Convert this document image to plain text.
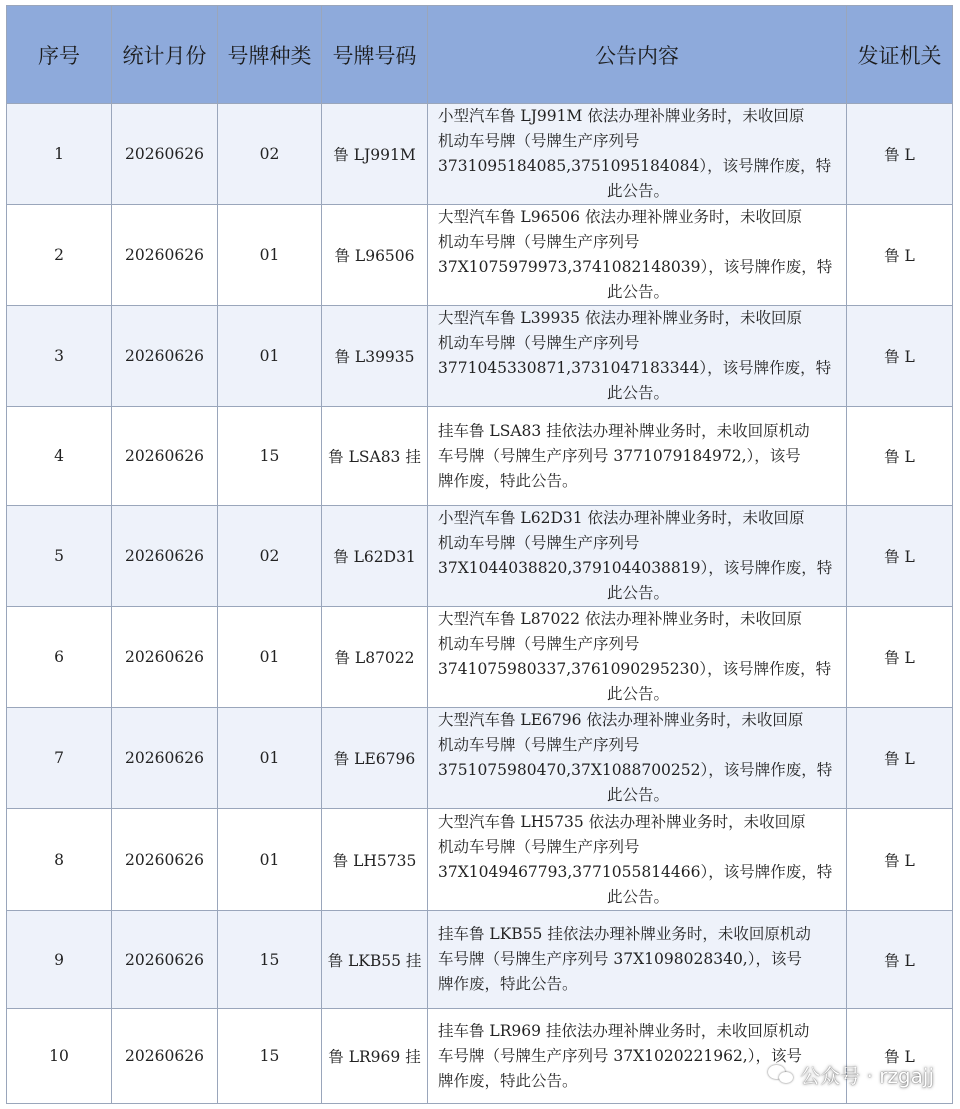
序号	统计月份	号牌种类	号牌号码	公告内容	发证机关
1	20260626	02	鲁 LJ991M	小型汽车鲁 LJ991M 依法办理补牌业务时，未收回原
机动车号牌（号牌生产序列号
3731095184085,3751095184084），该号牌作废，特
此公告。	鲁 L
2	20260626	01	鲁 L96506	大型汽车鲁 L96506 依法办理补牌业务时，未收回原
机动车号牌（号牌生产序列号
37X1075979973,3741082148039），该号牌作废，特
此公告。	鲁 L
3	20260626	01	鲁 L39935	大型汽车鲁 L39935 依法办理补牌业务时，未收回原
机动车号牌（号牌生产序列号
3771045330871,3731047183344），该号牌作废，特
此公告。	鲁 L
4	20260626	15	鲁 LSA83 挂	挂车鲁 LSA83 挂依法办理补牌业务时，未收回原机动
车号牌（号牌生产序列号 3771079184972,），该号
牌作废，特此公告。	鲁 L
5	20260626	02	鲁 L62D31	小型汽车鲁 L62D31 依法办理补牌业务时，未收回原
机动车号牌（号牌生产序列号
37X1044038820,3791044038819），该号牌作废，特
此公告。	鲁 L
6	20260626	01	鲁 L87022	大型汽车鲁 L87022 依法办理补牌业务时，未收回原
机动车号牌（号牌生产序列号
3741075980337,3761090295230），该号牌作废，特
此公告。	鲁 L
7	20260626	01	鲁 LE6796	大型汽车鲁 LE6796 依法办理补牌业务时，未收回原
机动车号牌（号牌生产序列号
3751075980470,37X1088700252），该号牌作废，特
此公告。	鲁 L
8	20260626	01	鲁 LH5735	大型汽车鲁 LH5735 依法办理补牌业务时，未收回原
机动车号牌（号牌生产序列号
37X1049467793,3771055814466），该号牌作废，特
此公告。	鲁 L
9	20260626	15	鲁 LKB55 挂	挂车鲁 LKB55 挂依法办理补牌业务时，未收回原机动
车号牌（号牌生产序列号 37X1098028340,），该号
牌作废，特此公告。	鲁 L
10	20260626	15	鲁 LR969 挂	挂车鲁 LR969 挂依法办理补牌业务时，未收回原机动
车号牌（号牌生产序列号 37X1020221962,），该号
牌作废，特此公告。	鲁 L
公众号 · rzgajj
